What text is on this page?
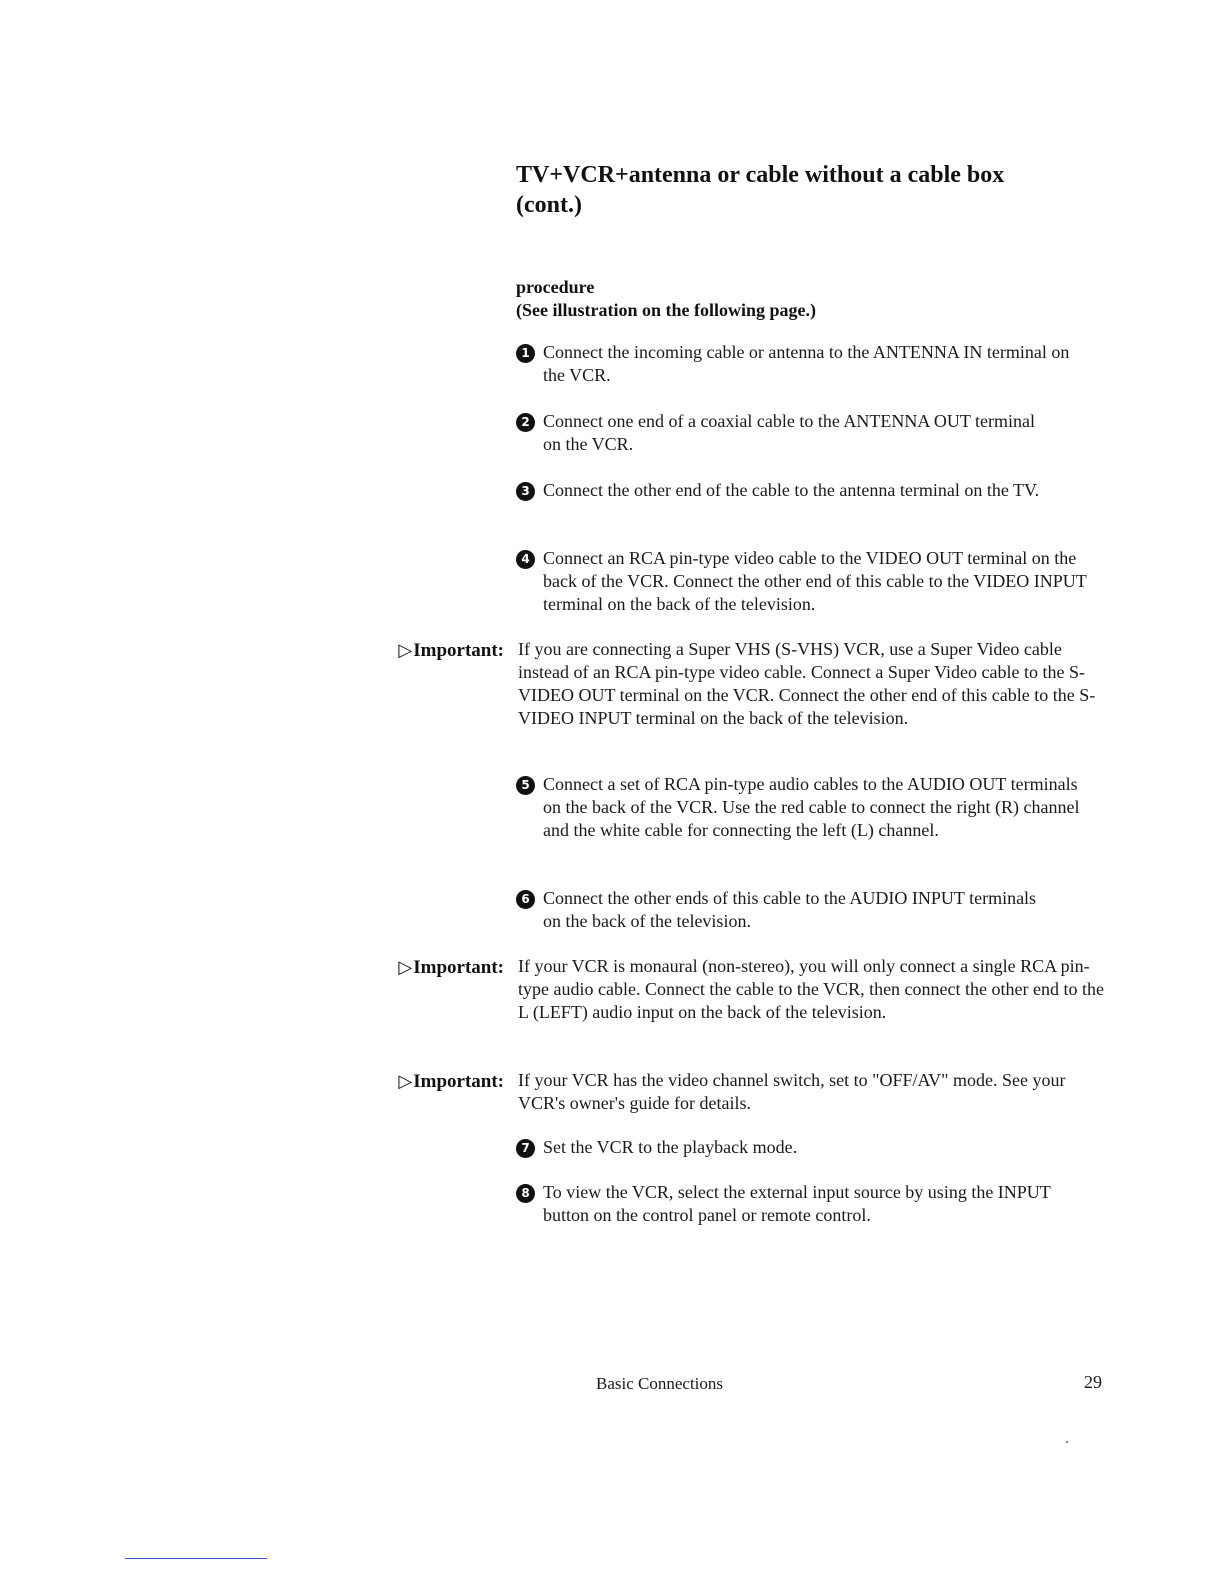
TV+VCR+antenna or cable without a cable box
(cont.)
procedure
(See illustration on the following page.)
1 Connect the incoming cable or antenna to the ANTENNA IN terminal on the VCR.
2 Connect one end of a coaxial cable to the ANTENNA OUT terminal on the VCR.
3 Connect the other end of the cable to the antenna terminal on the TV.
4 Connect an RCA pin-type video cable to the VIDEO OUT terminal on the back of the VCR. Connect the other end of this cable to the VIDEO INPUT terminal on the back of the television.
▷Important: If you are connecting a Super VHS (S-VHS) VCR, use a Super Video cable instead of an RCA pin-type video cable. Connect a Super Video cable to the S-VIDEO OUT terminal on the VCR. Connect the other end of this cable to the S-VIDEO INPUT terminal on the back of the television.
5 Connect a set of RCA pin-type audio cables to the AUDIO OUT terminals on the back of the VCR. Use the red cable to connect the right (R) channel and the white cable for connecting the left (L) channel.
6 Connect the other ends of this cable to the AUDIO INPUT terminals on the back of the television.
▷Important: If your VCR is monaural (non-stereo), you will only connect a single RCA pin-type audio cable. Connect the cable to the VCR, then connect the other end to the L (LEFT) audio input on the back of the television.
▷Important: If your VCR has the video channel switch, set to "OFF/AV" mode. See your VCR's owner's guide for details.
7 Set the VCR to the playback mode.
8 To view the VCR, select the external input source by using the INPUT button on the control panel or remote control.
Basic Connections	29
